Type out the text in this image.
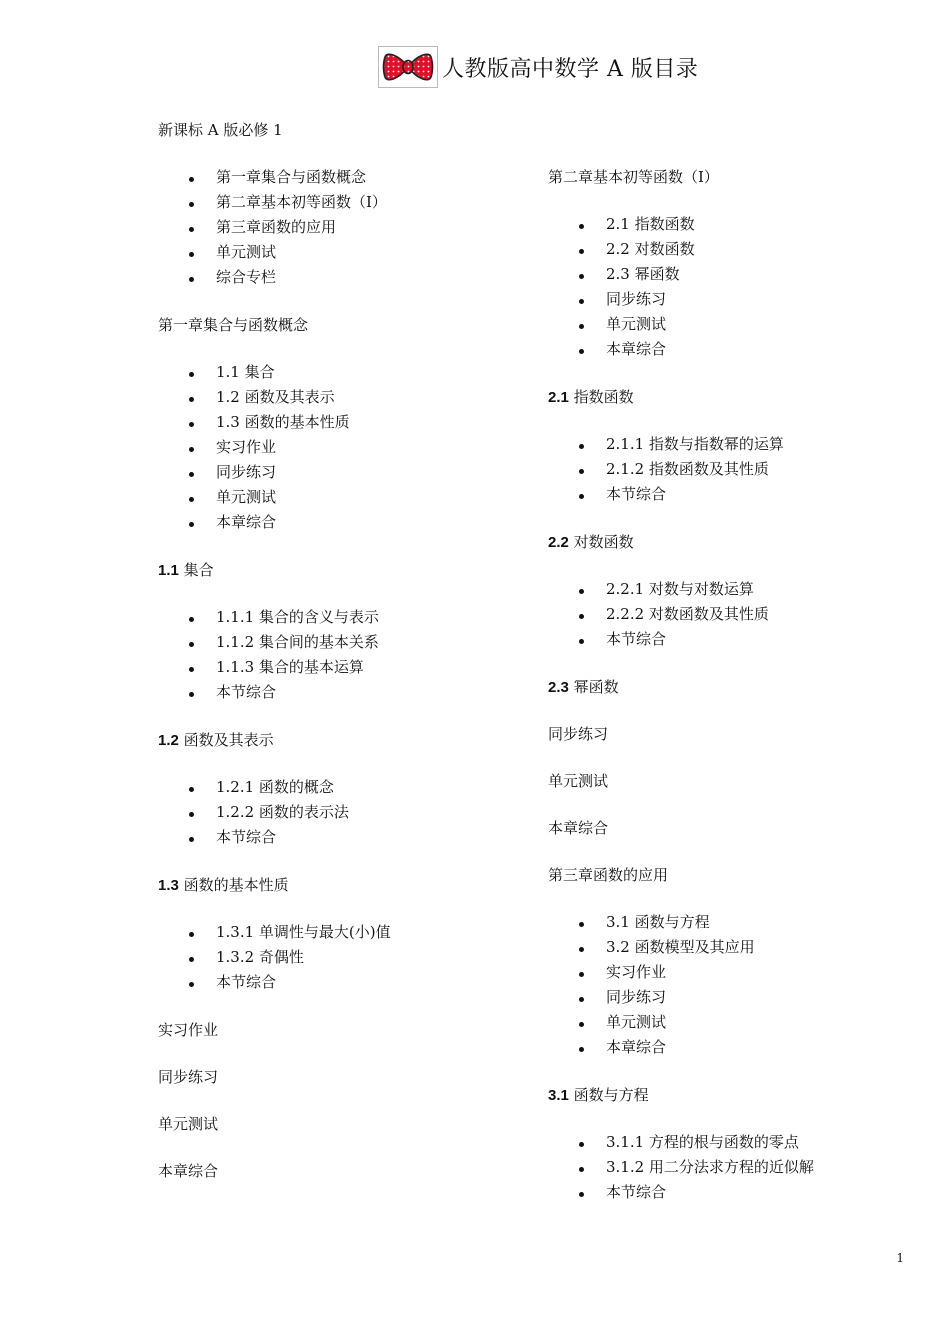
人教版高中数学 A 版目录
新课标 A 版必修 1
第一章集合与函数概念
第二章基本初等函数（Ⅰ）
第三章函数的应用
单元测试
综合专栏
第一章集合与函数概念
1.1 集合
1.2 函数及其表示
1.3 函数的基本性质
实习作业
同步练习
单元测试
本章综合
1.1 集合
1.1.1 集合的含义与表示
1.1.2 集合间的基本关系
1.1.3 集合的基本运算
本节综合
1.2 函数及其表示
1.2.1 函数的概念
1.2.2 函数的表示法
本节综合
1.3 函数的基本性质
1.3.1 单调性与最大(小)值
1.3.2 奇偶性
本节综合
实习作业
同步练习
单元测试
本章综合
第二章基本初等函数（Ⅰ）
2.1 指数函数
2.2 对数函数
2.3 幂函数
同步练习
单元测试
本章综合
2.1 指数函数
2.1.1 指数与指数幂的运算
2.1.2 指数函数及其性质
本节综合
2.2 对数函数
2.2.1 对数与对数运算
2.2.2 对数函数及其性质
本节综合
2.3 幂函数
同步练习
单元测试
本章综合
第三章函数的应用
3.1 函数与方程
3.2 函数模型及其应用
实习作业
同步练习
单元测试
本章综合
3.1 函数与方程
3.1.1 方程的根与函数的零点
3.1.2 用二分法求方程的近似解
本节综合
1
